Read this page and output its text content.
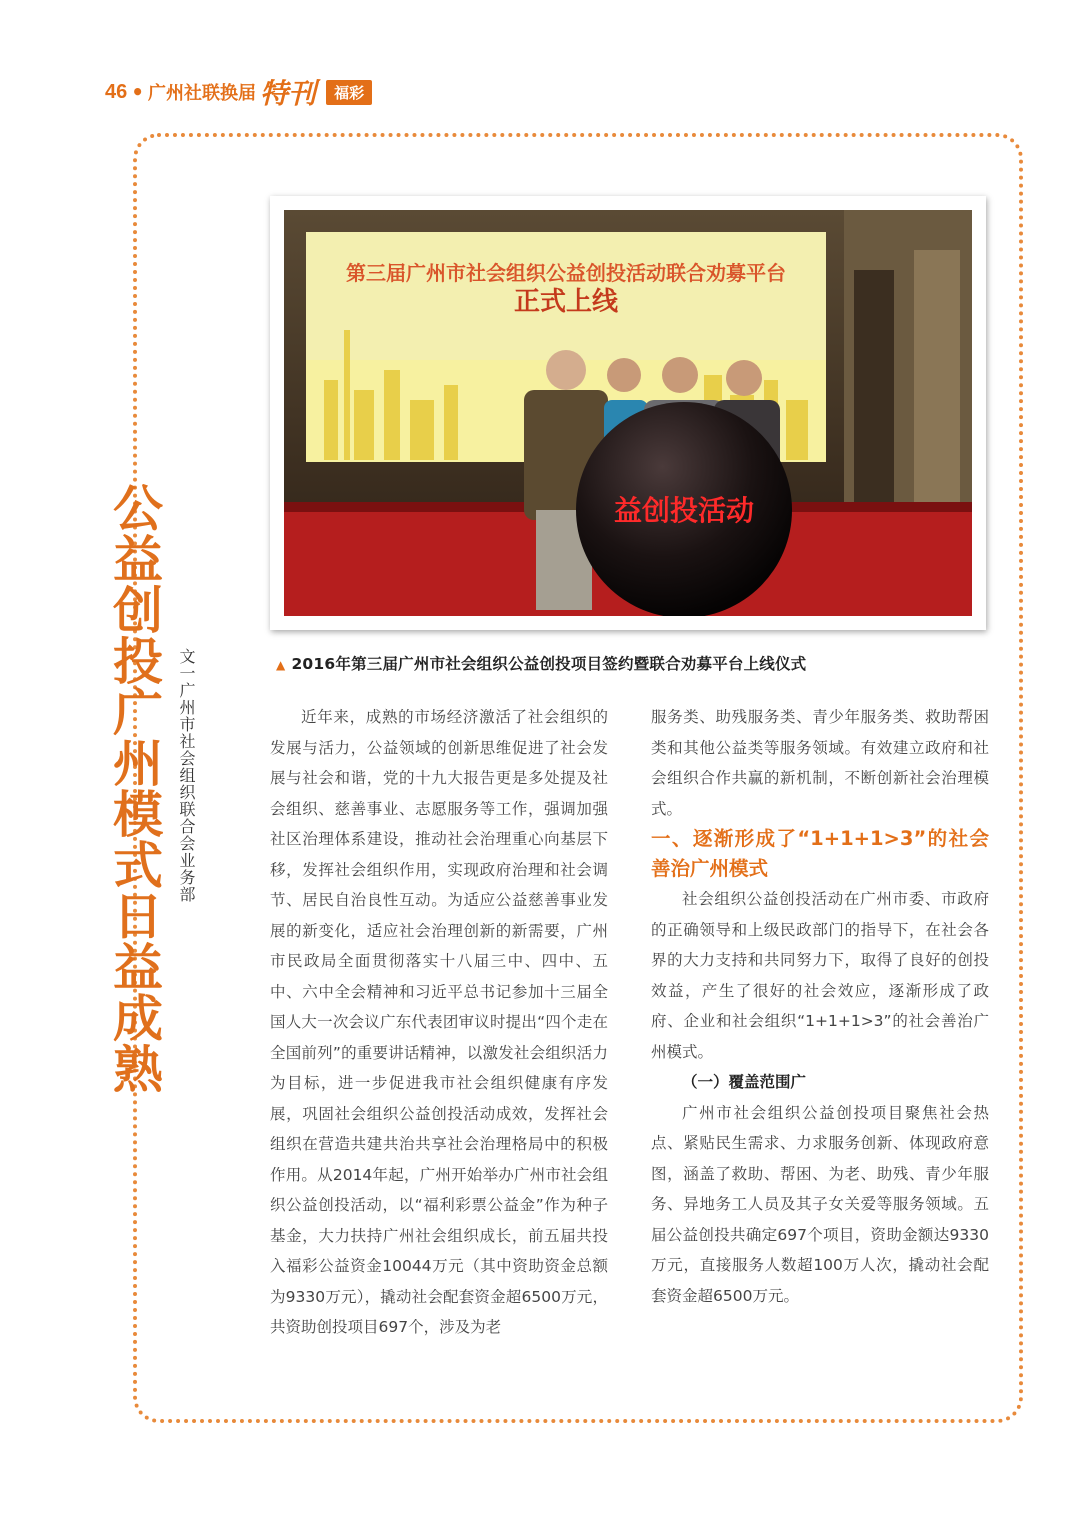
46 • 广州社联换届 特刊	福彩
公益创投广州模式日益成熟 文一广州市社会组织联合会业务部
第三届广州市社会组织公益创投活动联合劝募平台
正式上线
益创投活动
▲ 2016年第三届广州市社会组织公益创投项目签约暨联合劝募平台上线仪式

近年来，成熟的市场经济激活了社会组织的发展与活力，公益领域的创新思维促进了社会发展与社会和谐，党的十九大报告更是多处提及社会组织、慈善事业、志愿服务等工作，强调加强社区治理体系建设，推动社会治理重心向基层下移，发挥社会组织作用，实现政府治理和社会调节、居民自治良性互动。为适应公益慈善事业发展的新变化，适应社会治理创新的新需要，广州市民政局全面贯彻落实十八届三中、四中、五中、六中全会精神和习近平总书记参加十三届全国人大一次会议广东代表团审议时提出“四个走在全国前列”的重要讲话精神，以激发社会组织活力为目标，进一步促进我市社会组织健康有序发展，巩固社会组织公益创投活动成效，发挥社会组织在营造共建共治共享社会治理格局中的积极作用。从2014年起，广州开始举办广州市社会组织公益创投活动，以“福利彩票公益金”作为种子基金，大力扶持广州社会组织成长，前五届共投入福彩公益资金10044万元（其中资助资金总额为9330万元），撬动社会配套资金超6500万元，共资助创投项目697个，涉及为老

服务类、助残服务类、青少年服务类、救助帮困类和其他公益类等服务领域。有效建立政府和社会组织合作共赢的新机制，不断创新社会治理模式。

一、逐渐形成了“1+1+1>3”的社会善治广州模式

社会组织公益创投活动在广州市委、市政府的正确领导和上级民政部门的指导下，在社会各界的大力支持和共同努力下，取得了良好的创投效益，产生了很好的社会效应，逐渐形成了政府、企业和社会组织“1+1+1>3”的社会善治广州模式。

（一）覆盖范围广

广州市社会组织公益创投项目聚焦社会热点、紧贴民生需求、力求服务创新、体现政府意图，涵盖了救助、帮困、为老、助残、青少年服务、异地务工人员及其子女关爱等服务领域。五届公益创投共确定697个项目，资助金额达9330万元，直接服务人数超100万人次，撬动社会配套资金超6500万元。
